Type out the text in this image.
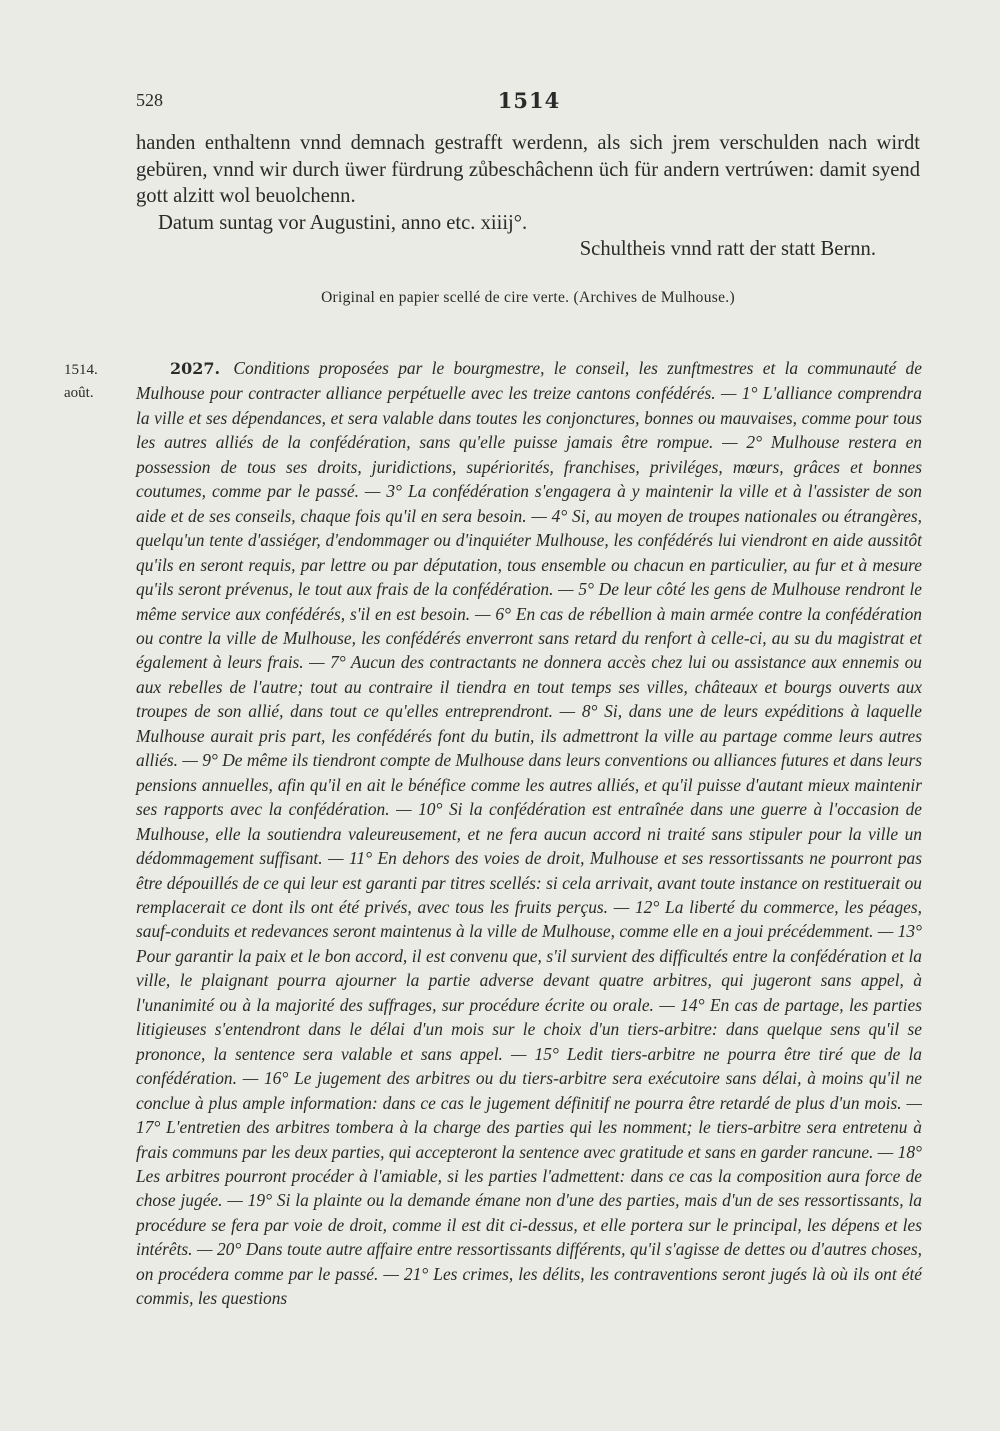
528	1514

handen enthaltenn vnnd demnach gestrafft werdenn, als sich jrem verschulden nach wirdt gebüren, vnnd wir durch üwer fürdrung zůbeschâchenn üch für andern vertrúwen: damit syend gott alzitt wol beuolchenn.

Datum suntag vor Augustini, anno etc. xiiij°.

Schultheis vnnd ratt der statt Bernn.

Original en papier scellé de cire verte. (Archives de Mulhouse.)
1514.
août.
2027. Conditions proposées par le bourgmestre, le conseil, les zunftmestres et la communauté de Mulhouse pour contracter alliance perpétuelle avec les treize cantons confédérés. — 1° L'alliance comprendra la ville et ses dépendances, et sera valable dans toutes les conjonctures, bonnes ou mauvaises, comme pour tous les autres alliés de la confédération, sans qu'elle puisse jamais être rompue. — 2° Mulhouse restera en possession de tous ses droits, juridictions, supériorités, franchises, priviléges, mœurs, grâces et bonnes coutumes, comme par le passé. — 3° La confédération s'engagera à y maintenir la ville et à l'assister de son aide et de ses conseils, chaque fois qu'il en sera besoin. — 4° Si, au moyen de troupes nationales ou étrangères, quelqu'un tente d'assiéger, d'endommager ou d'inquiéter Mulhouse, les confédérés lui viendront en aide aussitôt qu'ils en seront requis, par lettre ou par députation, tous ensemble ou chacun en particulier, au fur et à mesure qu'ils seront prévenus, le tout aux frais de la confédération. — 5° De leur côté les gens de Mulhouse rendront le même service aux confédérés, s'il en est besoin. — 6° En cas de rébellion à main armée contre la confédération ou contre la ville de Mulhouse, les confédérés enverront sans retard du renfort à celle-ci, au su du magistrat et également à leurs frais. — 7° Aucun des contractants ne donnera accès chez lui ou assistance aux ennemis ou aux rebelles de l'autre; tout au contraire il tiendra en tout temps ses villes, châteaux et bourgs ouverts aux troupes de son allié, dans tout ce qu'elles entreprendront. — 8° Si, dans une de leurs expéditions à laquelle Mulhouse aurait pris part, les confédérés font du butin, ils admettront la ville au partage comme leurs autres alliés. — 9° De même ils tiendront compte de Mulhouse dans leurs conventions ou alliances futures et dans leurs pensions annuelles, afin qu'il en ait le bénéfice comme les autres alliés, et qu'il puisse d'autant mieux maintenir ses rapports avec la confédération. — 10° Si la confédération est entraînée dans une guerre à l'occasion de Mulhouse, elle la soutiendra valeureusement, et ne fera aucun accord ni traité sans stipuler pour la ville un dédommagement suffisant. — 11° En dehors des voies de droit, Mulhouse et ses ressortissants ne pourront pas être dépouillés de ce qui leur est garanti par titres scellés: si cela arrivait, avant toute instance on restituerait ou remplacerait ce dont ils ont été privés, avec tous les fruits perçus. — 12° La liberté du commerce, les péages, sauf-conduits et redevances seront maintenus à la ville de Mulhouse, comme elle en a joui précédemment. — 13° Pour garantir la paix et le bon accord, il est convenu que, s'il survient des difficultés entre la confédération et la ville, le plaignant pourra ajourner la partie adverse devant quatre arbitres, qui jugeront sans appel, à l'unanimité ou à la majorité des suffrages, sur procédure écrite ou orale. — 14° En cas de partage, les parties litigieuses s'entendront dans le délai d'un mois sur le choix d'un tiers-arbitre: dans quelque sens qu'il se prononce, la sentence sera valable et sans appel. — 15° Ledit tiers-arbitre ne pourra être tiré que de la confédération. — 16° Le jugement des arbitres ou du tiers-arbitre sera exécutoire sans délai, à moins qu'il ne conclue à plus ample information: dans ce cas le jugement définitif ne pourra être retardé de plus d'un mois. — 17° L'entretien des arbitres tombera à la charge des parties qui les nomment; le tiers-arbitre sera entretenu à frais communs par les deux parties, qui accepteront la sentence avec gratitude et sans en garder rancune. — 18° Les arbitres pourront procéder à l'amiable, si les parties l'admettent: dans ce cas la composition aura force de chose jugée. — 19° Si la plainte ou la demande émane non d'une des parties, mais d'un de ses ressortissants, la procédure se fera par voie de droit, comme il est dit ci-dessus, et elle portera sur le principal, les dépens et les intérêts. — 20° Dans toute autre affaire entre ressortissants différents, qu'il s'agisse de dettes ou d'autres choses, on procédera comme par le passé. — 21° Les crimes, les délits, les contraventions seront jugés là où ils ont été commis, les questions
